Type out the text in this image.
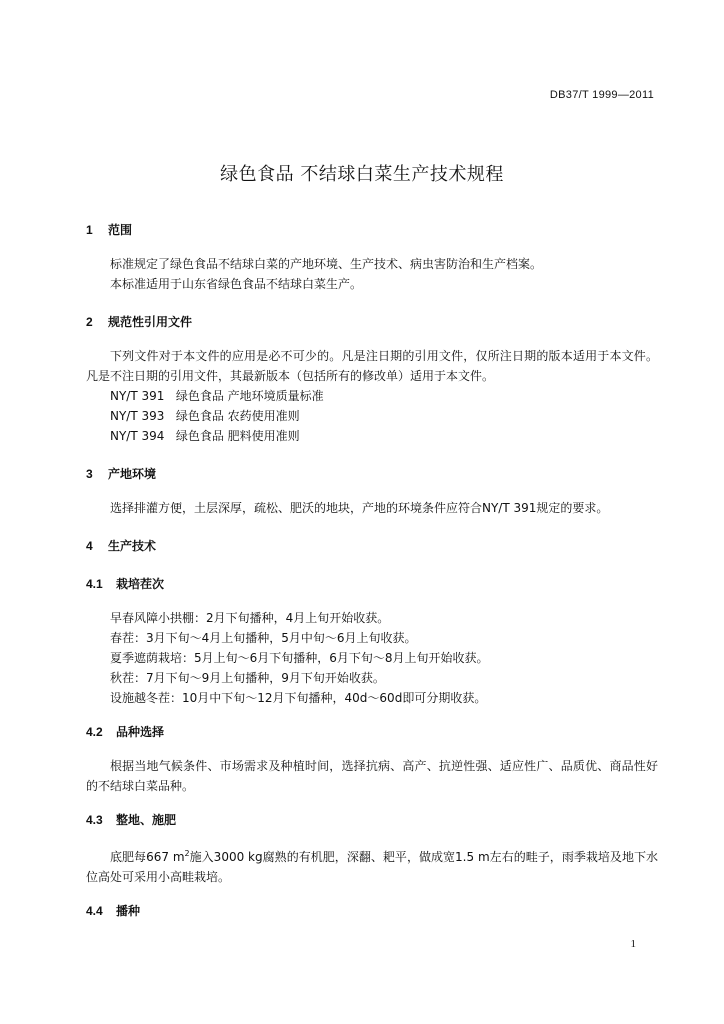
DB37/T 1999—2011
绿色食品 不结球白菜生产技术规程
1 范围

标准规定了绿色食品不结球白菜的产地环境、生产技术、病虫害防治和生产档案。

本标准适用于山东省绿色食品不结球白菜生产。

2 规范性引用文件

下列文件对于本文件的应用是必不可少的。凡是注日期的引用文件，仅所注日期的版本适用于本文件。凡是不注日期的引用文件，其最新版本（包括所有的修改单）适用于本文件。

NY/T 391   绿色食品 产地环境质量标准

NY/T 393   绿色食品 农药使用准则

NY/T 394   绿色食品 肥料使用准则

3 产地环境

选择排灌方便，土层深厚，疏松、肥沃的地块，产地的环境条件应符合NY/T 391规定的要求。

4 生产技术
4.1 栽培茬次

早春风障小拱棚：2月下旬播种，4月上旬开始收获。

春茬：3月下旬～4月上旬播种，5月中旬～6月上旬收获。

夏季遮荫栽培：5月上旬～6月下旬播种，6月下旬～8月上旬开始收获。

秋茬：7月下旬～9月上旬播种，9月下旬开始收获。

设施越冬茬：10月中下旬～12月下旬播种，40d～60d即可分期收获。

4.2 品种选择

根据当地气候条件、市场需求及种植时间，选择抗病、高产、抗逆性强、适应性广、品质优、商品性好的不结球白菜品种。

4.3 整地、施肥

底肥每667 $m^2$施入3000 kg腐熟的有机肥，深翻、耙平，做成宽1.5 m左右的畦子，雨季栽培及地下水位高处可采用小高畦栽培。

4.4 播种
1
